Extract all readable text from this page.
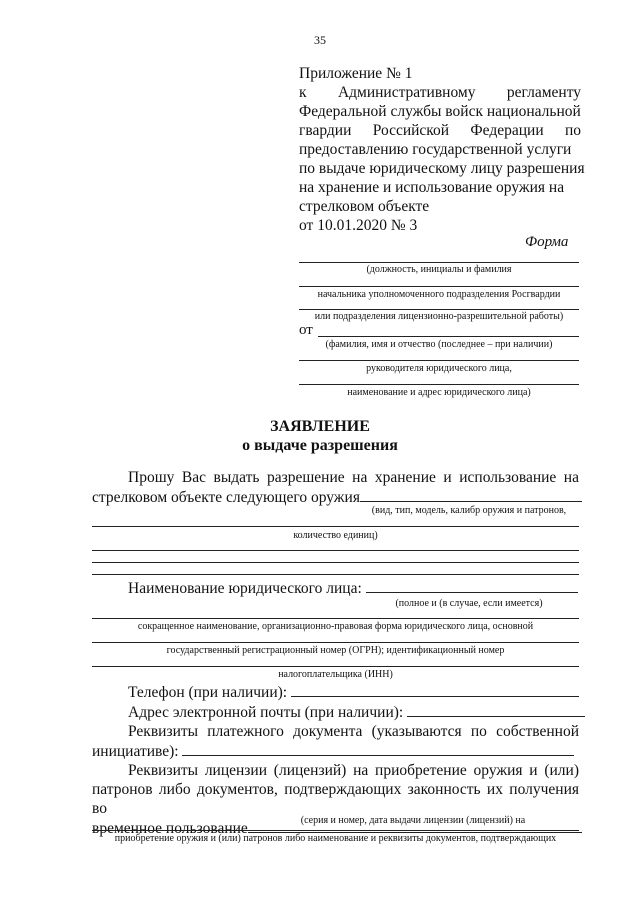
35
Приложение № 1
к Административному регламенту
Федеральной службы войск национальной
гвардии Российской Федерации по
предоставлению государственной услуги
по выдаче юридическому лицу разрешения
на хранение и использование оружия на
стрелковом объекте
от 10.01.2020 № 3
Форма
(должность, инициалы и фамилия
начальника уполномоченного подразделения Росгвардии
или подразделения лицензионно-разрешительной работы)
от
(фамилия, имя и отчество (последнее – при наличии)
руководителя юридического лица,
наименование и адрес юридического лица)
ЗАЯВЛЕНИЕ
о выдаче разрешения
Прошу Вас выдать разрешение на хранение и использование на
стрелковом объекте следующего оружия
(вид, тип, модель, калибр оружия и патронов,
количество единиц)
Наименование юридического лица:
(полное и (в случае, если имеется)
сокращенное наименование, организационно-правовая форма юридического лица, основной
государственный регистрационный номер (ОГРН); идентификационный номер
налогоплательщика (ИНН)
Телефон (при наличии):
Адрес электронной почты (при наличии):
Реквизиты платежного документа (указываются по собственной
инициативе):
Реквизиты лицензии (лицензий) на приобретение оружия и (или)
патронов либо документов, подтверждающих законность их получения во
временное пользование	(серия и номер, дата выдачи лицензии (лицензий) на
приобретение оружия и (или) патронов либо наименование и реквизиты документов, подтверждающих
